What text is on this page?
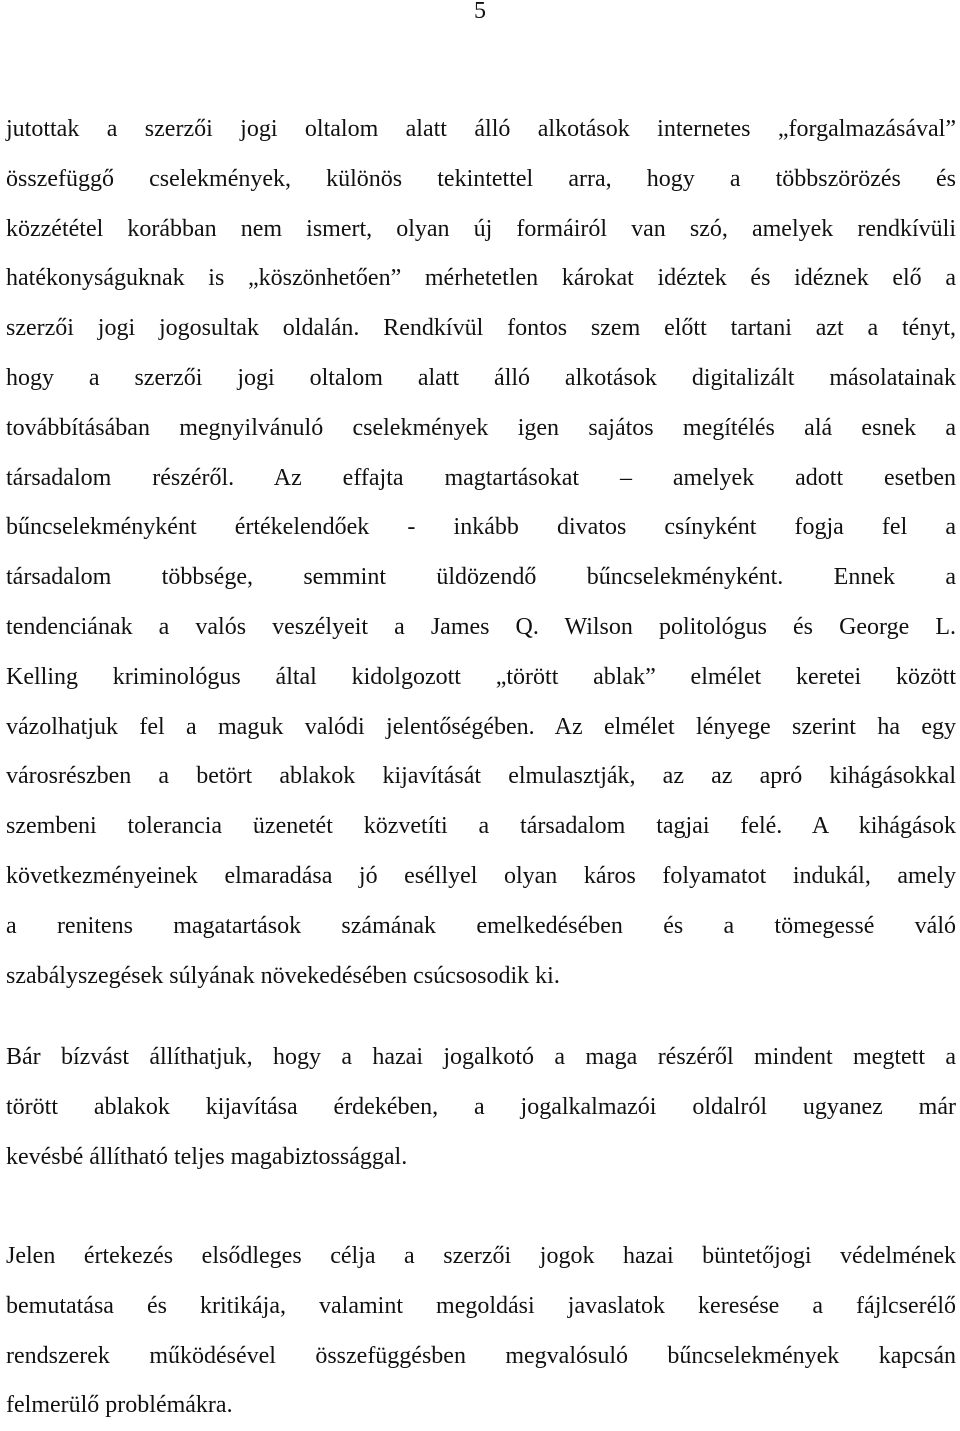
5
jutottak a szerzői jogi oltalom alatt álló alkotások internetes „forgalmazásával”
összefüggő cselekmények, különös tekintettel arra, hogy a többszörözés és
közzététel korábban nem ismert, olyan új formáiról van szó, amelyek rendkívüli
hatékonyságuknak is „köszönhetően” mérhetetlen károkat idéztek és idéznek elő a
szerzői jogi jogosultak oldalán. Rendkívül fontos szem előtt tartani azt a tényt,
hogy a szerzői jogi oltalom alatt álló alkotások digitalizált másolatainak
továbbításában megnyilvánuló cselekmények igen sajátos megítélés alá esnek a
társadalom részéről. Az effajta magtartásokat – amelyek adott esetben
bűncselekményként értékelendőek - inkább divatos csínyként fogja fel a
társadalom többsége, semmint üldözendő bűncselekményként. Ennek a
tendenciának a valós veszélyeit a James Q. Wilson politológus és George L.
Kelling kriminológus által kidolgozott „törött ablak” elmélet keretei között
vázolhatjuk fel a maguk valódi jelentőségében. Az elmélet lényege szerint ha egy
városrészben a betört ablakok kijavítását elmulasztják, az az apró kihágásokkal
szembeni tolerancia üzenetét közvetíti a társadalom tagjai felé. A kihágások
következményeinek elmaradása jó eséllyel olyan káros folyamatot indukál, amely
a renitens magatartások számának emelkedésében és a tömegessé váló
szabályszegések súlyának növekedésében csúcsosodik ki.
Bár bízvást állíthatjuk, hogy a hazai jogalkotó a maga részéről mindent megtett a
törött ablakok kijavítása érdekében, a jogalkalmazói oldalról ugyanez már
kevésbé állítható teljes magabiztossággal.
Jelen értekezés elsődleges célja a szerzői jogok hazai büntetőjogi védelmének
bemutatása és kritikája, valamint megoldási javaslatok keresése a fájlcserélő
rendszerek működésével összefüggésben megvalósuló bűncselekmények kapcsán
felmerülő problémákra.
